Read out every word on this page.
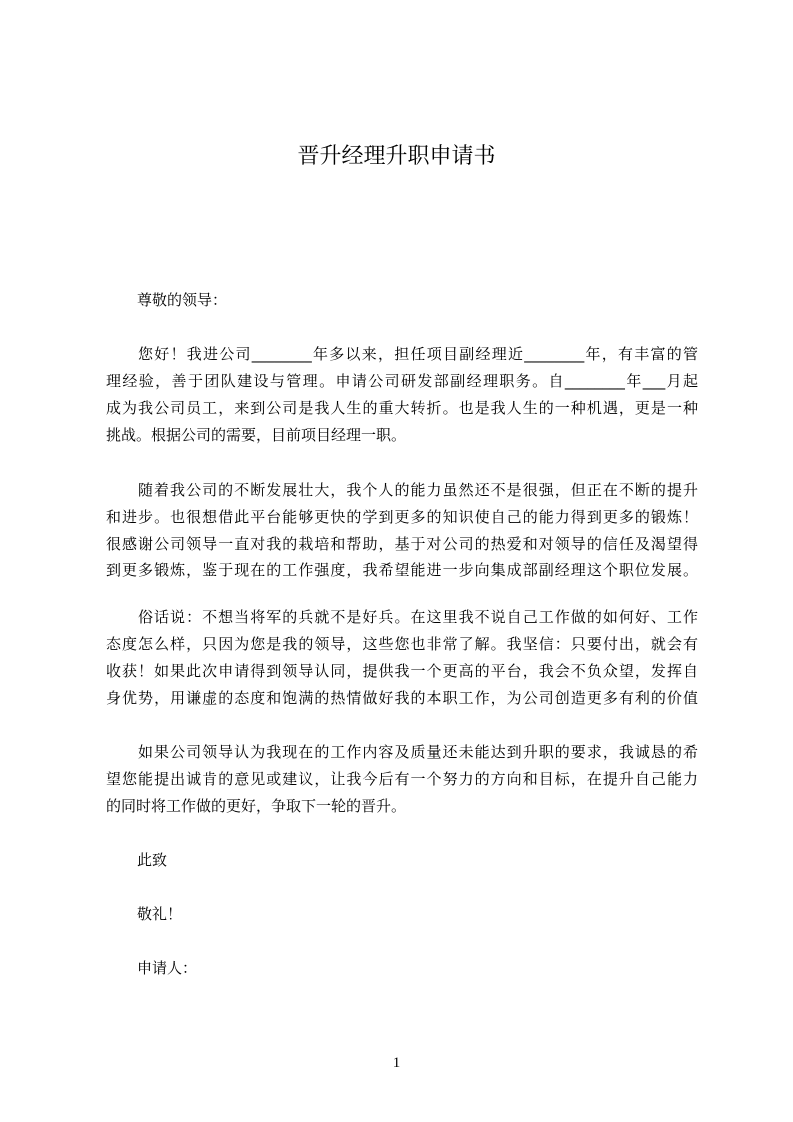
晋升经理升职申请书
尊敬的领导：
您好！我进公司________年多以来，担任项目副经理近________年，有丰富的管
理经验，善于团队建设与管理。申请公司研发部副经理职务。自________年___月起
成为我公司员工，来到公司是我人生的重大转折。也是我人生的一种机遇，更是一种
挑战。根据公司的需要，目前项目经理一职。
随着我公司的不断发展壮大，我个人的能力虽然还不是很强，但正在不断的提升
和进步。也很想借此平台能够更快的学到更多的知识使自己的能力得到更多的锻炼！
很感谢公司领导一直对我的栽培和帮助，基于对公司的热爱和对领导的信任及渴望得
到更多锻炼，鉴于现在的工作强度，我希望能进一步向集成部副经理这个职位发展。
俗话说：不想当将军的兵就不是好兵。在这里我不说自己工作做的如何好、工作
态度怎么样，只因为您是我的领导，这些您也非常了解。我坚信：只要付出，就会有
收获！如果此次申请得到领导认同，提供我一个更高的平台，我会不负众望，发挥自
身优势，用谦虚的态度和饱满的热情做好我的本职工作，为公司创造更多有利的价值
如果公司领导认为我现在的工作内容及质量还未能达到升职的要求，我诚恳的希
望您能提出诚肯的意见或建议，让我今后有一个努力的方向和目标，在提升自己能力
的同时将工作做的更好，争取下一轮的晋升。
此致
敬礼！
申请人：
1
